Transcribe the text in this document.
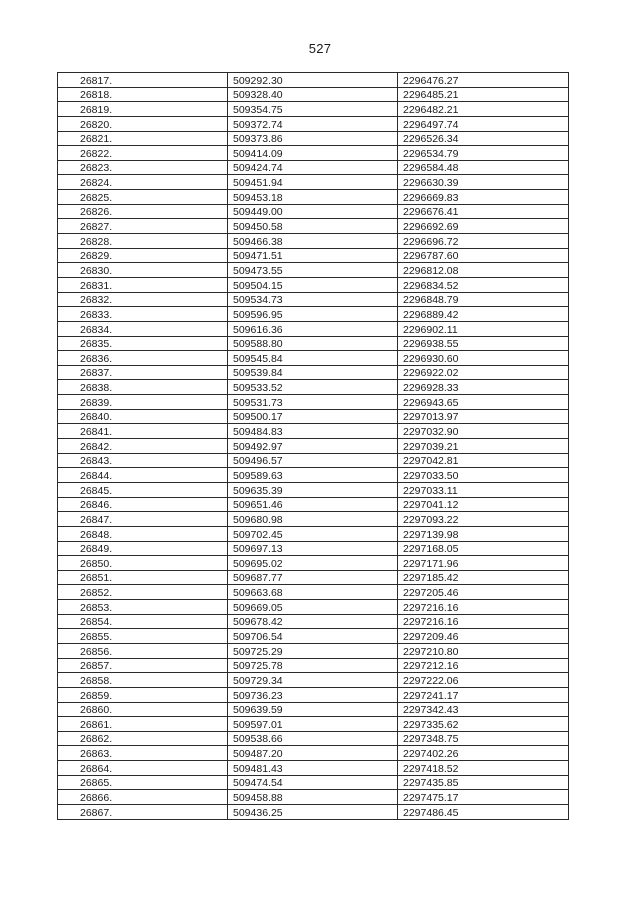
527
26817.	509292.30	2296476.27
26818.	509328.40	2296485.21
26819.	509354.75	2296482.21
26820.	509372.74	2296497.74
26821.	509373.86	2296526.34
26822.	509414.09	2296534.79
26823.	509424.74	2296584.48
26824.	509451.94	2296630.39
26825.	509453.18	2296669.83
26826.	509449.00	2296676.41
26827.	509450.58	2296692.69
26828.	509466.38	2296696.72
26829.	509471.51	2296787.60
26830.	509473.55	2296812.08
26831.	509504.15	2296834.52
26832.	509534.73	2296848.79
26833.	509596.95	2296889.42
26834.	509616.36	2296902.11
26835.	509588.80	2296938.55
26836.	509545.84	2296930.60
26837.	509539.84	2296922.02
26838.	509533.52	2296928.33
26839.	509531.73	2296943.65
26840.	509500.17	2297013.97
26841.	509484.83	2297032.90
26842.	509492.97	2297039.21
26843.	509496.57	2297042.81
26844.	509589.63	2297033.50
26845.	509635.39	2297033.11
26846.	509651.46	2297041.12
26847.	509680.98	2297093.22
26848.	509702.45	2297139.98
26849.	509697.13	2297168.05
26850.	509695.02	2297171.96
26851.	509687.77	2297185.42
26852.	509663.68	2297205.46
26853.	509669.05	2297216.16
26854.	509678.42	2297216.16
26855.	509706.54	2297209.46
26856.	509725.29	2297210.80
26857.	509725.78	2297212.16
26858.	509729.34	2297222.06
26859.	509736.23	2297241.17
26860.	509639.59	2297342.43
26861.	509597.01	2297335.62
26862.	509538.66	2297348.75
26863.	509487.20	2297402.26
26864.	509481.43	2297418.52
26865.	509474.54	2297435.85
26866.	509458.88	2297475.17
26867.	509436.25	2297486.45
